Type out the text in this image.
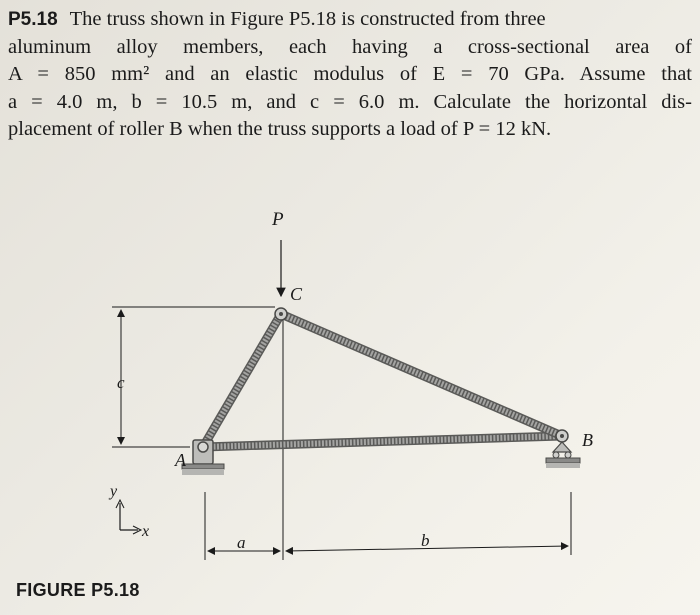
P5.18 The truss shown in Figure P5.18 is constructed from three
aluminum alloy members, each having a cross-sectional area of
A = 850 mm² and an elastic modulus of E = 70 GPa. Assume that
a = 4.0 m, b = 10.5 m, and c = 6.0 m. Calculate the horizontal dis-
placement of roller B when the truss supports a load of P = 12 kN.
c
P
C
A
B
a	b
y
x
FIGURE P5.18
